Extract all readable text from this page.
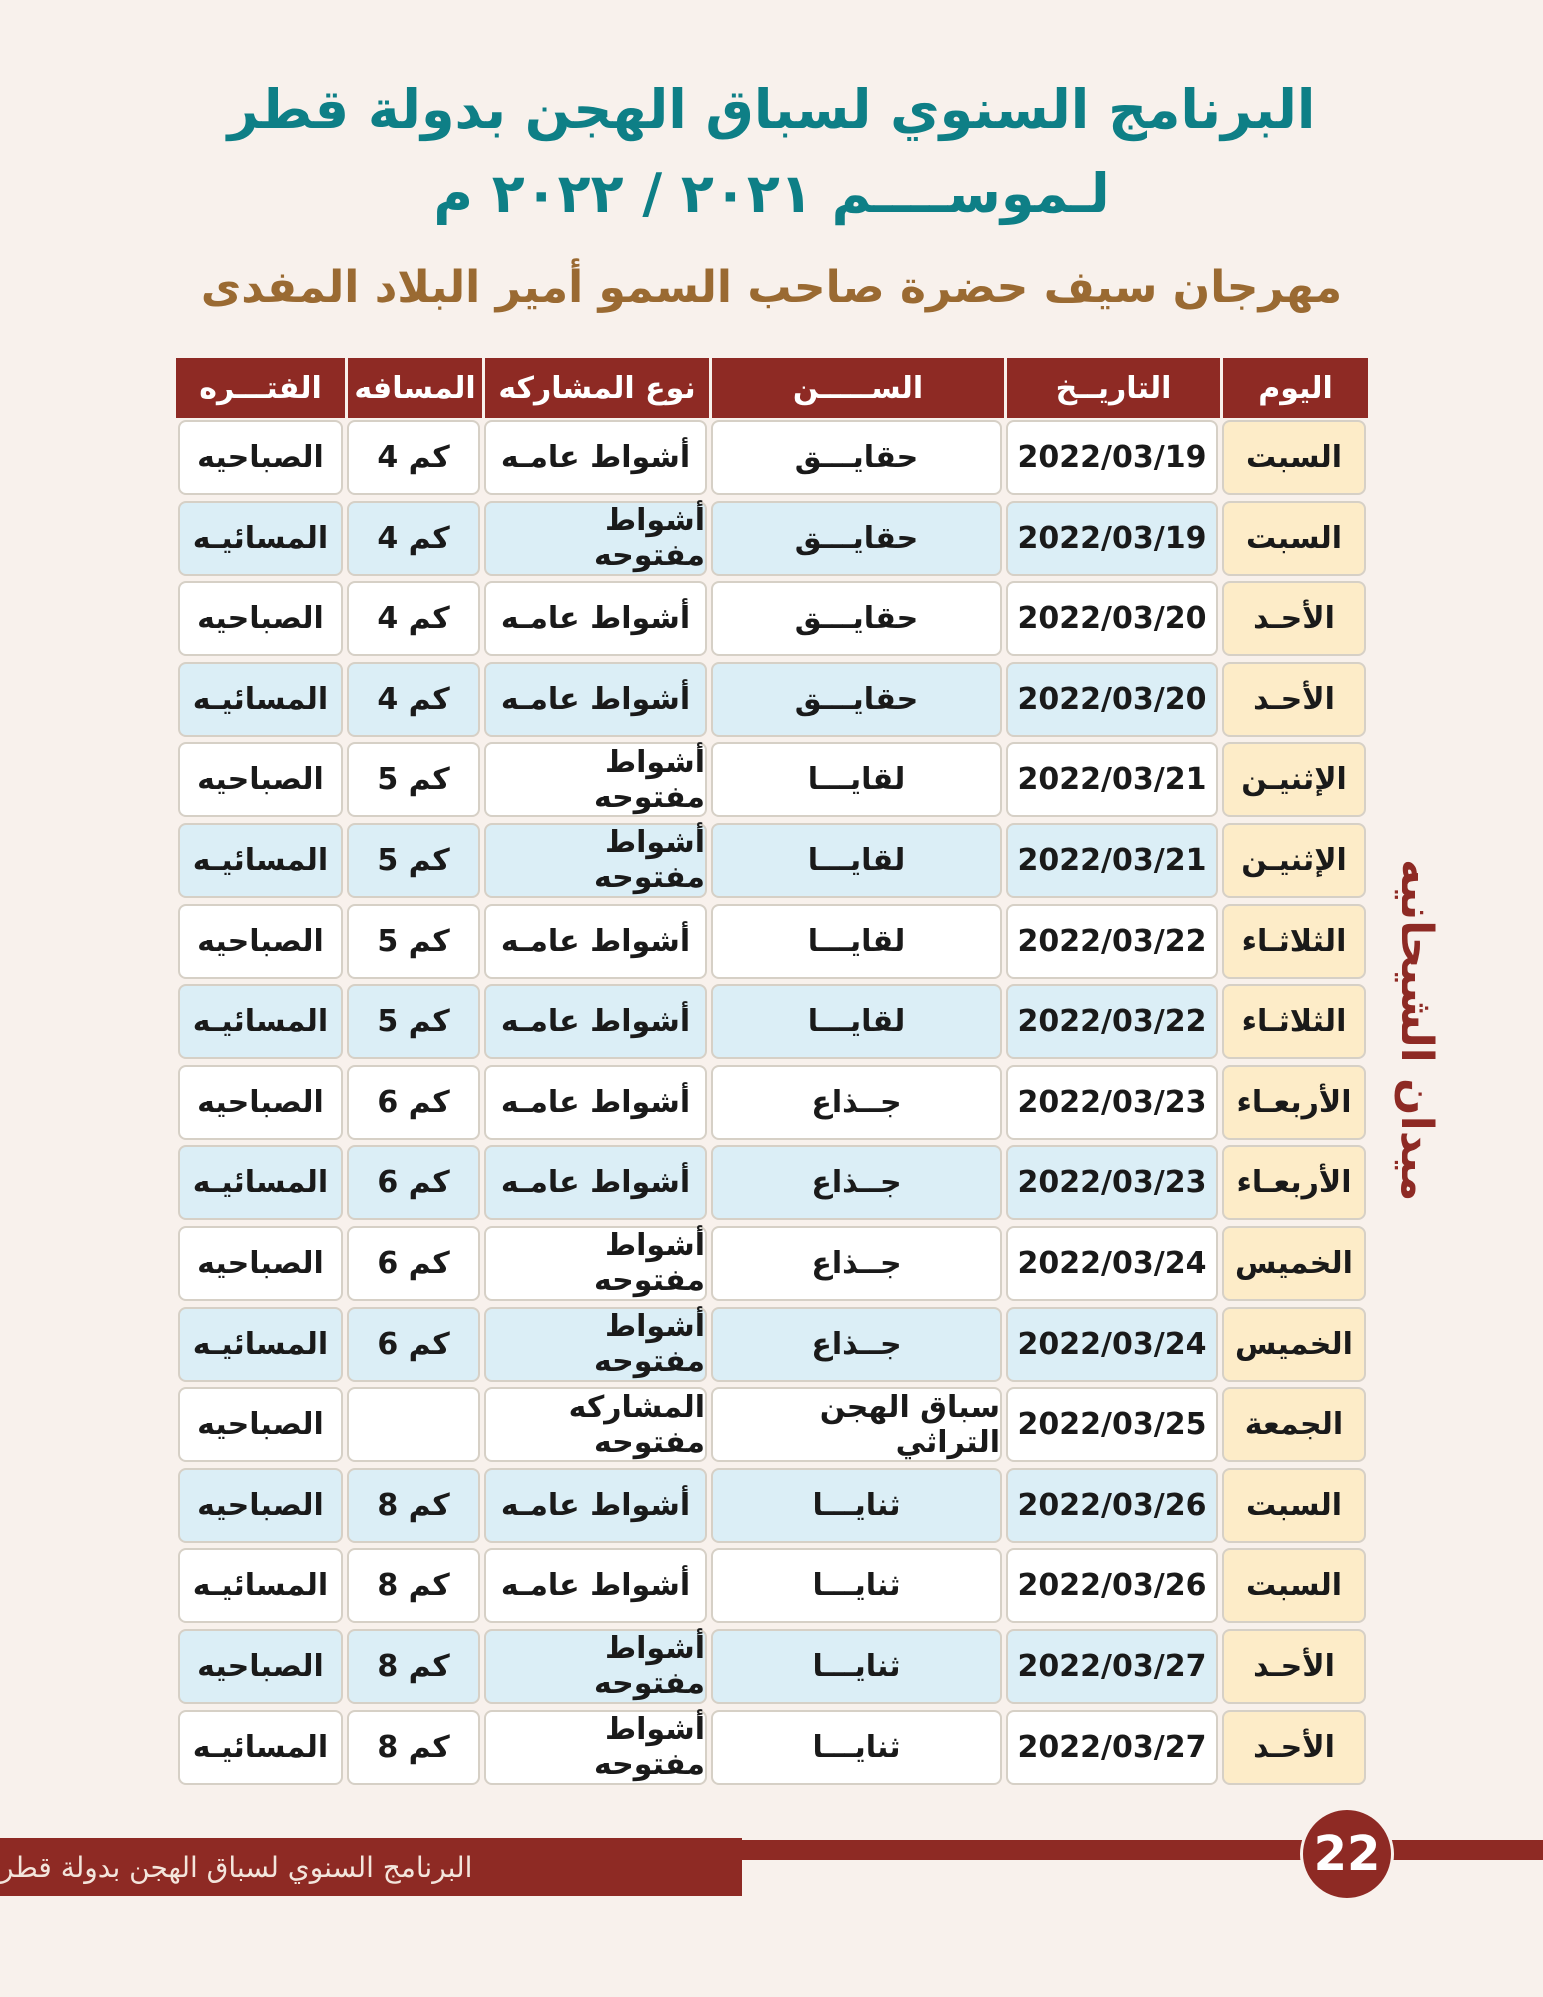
البرنامج السنوي لسباق الهجن بدولة قطر
لـموســــم ٢٠٢١ / ٢٠٢٢ م
مهرجان سيف حضرة صاحب السمو أمير البلاد المفدى
اليوم
التاريــخ
الســـــن
نوع المشاركه
المسافه
الفتـــره
السبت
2022/03/19
حقايـــق
أشواط عامـه
4 كم
الصباحيه
السبت
2022/03/19
حقايـــق
أشواط مفتوحه
4 كم
المسائيـه
الأحـد
2022/03/20
حقايـــق
أشواط عامـه
4 كم
الصباحيه
الأحـد
2022/03/20
حقايـــق
أشواط عامـه
4 كم
المسائيـه
الإثنيـن
2022/03/21
لقايـــا
أشواط مفتوحه
5 كم
الصباحيه
الإثنيـن
2022/03/21
لقايـــا
أشواط مفتوحه
5 كم
المسائيـه
الثلاثـاء
2022/03/22
لقايـــا
أشواط عامـه
5 كم
الصباحيه
الثلاثـاء
2022/03/22
لقايـــا
أشواط عامـه
5 كم
المسائيـه
الأربعـاء
2022/03/23
جــذاع
أشواط عامـه
6 كم
الصباحيه
الأربعـاء
2022/03/23
جــذاع
أشواط عامـه
6 كم
المسائيـه
الخميس
2022/03/24
جــذاع
أشواط مفتوحه
6 كم
الصباحيه
الخميس
2022/03/24
جــذاع
أشواط مفتوحه
6 كم
المسائيـه
الجمعة
2022/03/25
سباق الهجن التراثي
المشاركه مفتوحه
الصباحيه
السبت
2022/03/26
ثنايـــا
أشواط عامـه
8 كم
الصباحيه
السبت
2022/03/26
ثنايـــا
أشواط عامـه
8 كم
المسائيـه
الأحـد
2022/03/27
ثنايـــا
أشواط مفتوحه
8 كم
الصباحيه
الأحـد
2022/03/27
ثنايـــا
أشواط مفتوحه
8 كم
المسائيـه
ميدان الشيحانيه
البرنامج السنوي لسباق الهجن بدولة قطر	22
